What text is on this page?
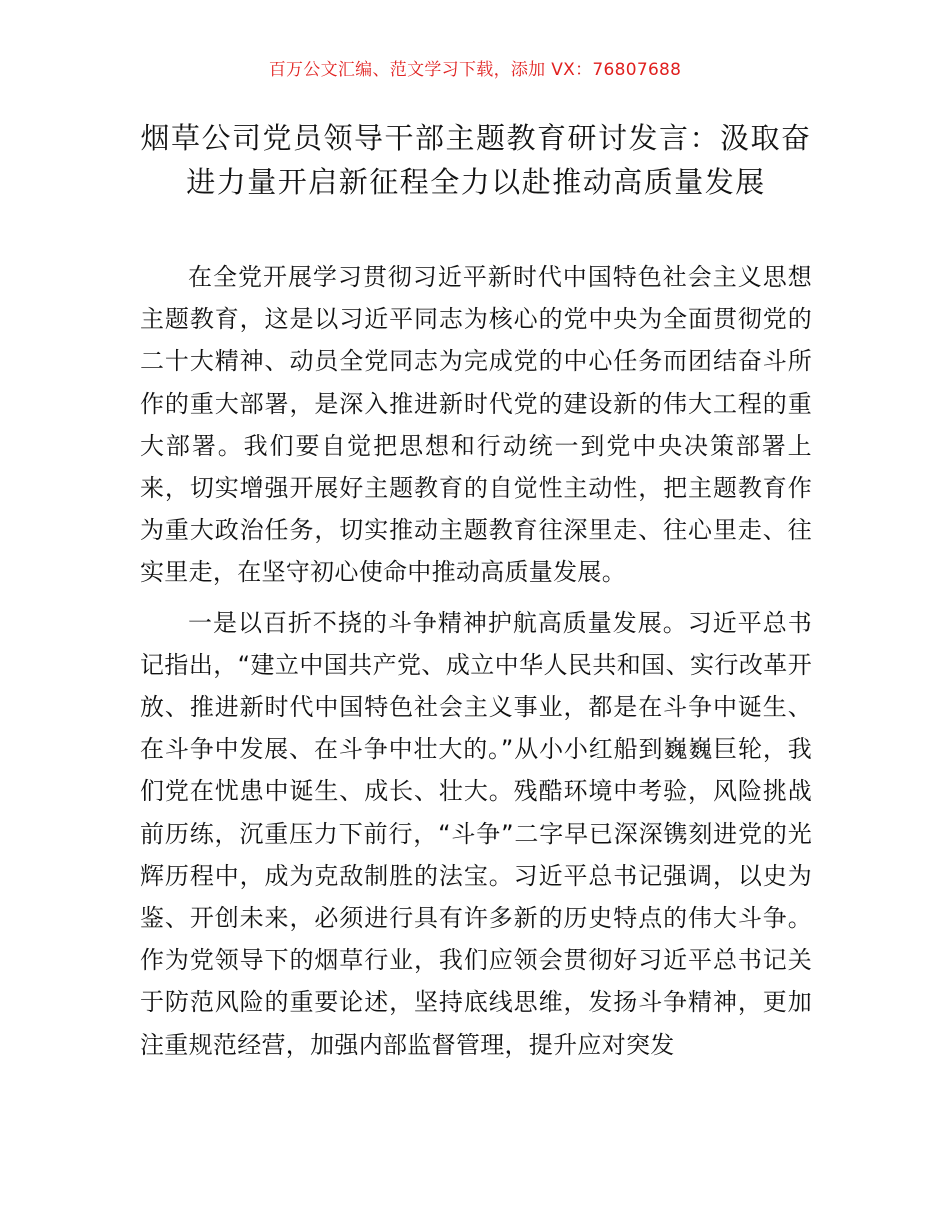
百万公文汇编、范文学习下载，添加 VX：76807688
烟草公司党员领导干部主题教育研讨发言：汲取奋进力量开启新征程全力以赴推动高质量发展

在全党开展学习贯彻习近平新时代中国特色社会主义思想主题教育，这是以习近平同志为核心的党中央为全面贯彻党的二十大精神、动员全党同志为完成党的中心任务而团结奋斗所作的重大部署，是深入推进新时代党的建设新的伟大工程的重大部署。我们要自觉把思想和行动统一到党中央决策部署上来，切实增强开展好主题教育的自觉性主动性，把主题教育作为重大政治任务，切实推动主题教育往深里走、往心里走、往实里走，在坚守初心使命中推动高质量发展。

一是以百折不挠的斗争精神护航高质量发展。习近平总书记指出，“建立中国共产党、成立中华人民共和国、实行改革开放、推进新时代中国特色社会主义事业，都是在斗争中诞生、在斗争中发展、在斗争中壮大的。”从小小红船到巍巍巨轮，我们党在忧患中诞生、成长、壮大。残酷环境中考验，风险挑战前历练，沉重压力下前行，“斗争”二字早已深深镌刻进党的光辉历程中，成为克敌制胜的法宝。习近平总书记强调，以史为鉴、开创未来，必须进行具有许多新的历史特点的伟大斗争。作为党领导下的烟草行业，我们应领会贯彻好习近平总书记关于防范风险的重要论述，坚持底线思维，发扬斗争精神，更加注重规范经营，加强内部监督管理，提升应对突发
